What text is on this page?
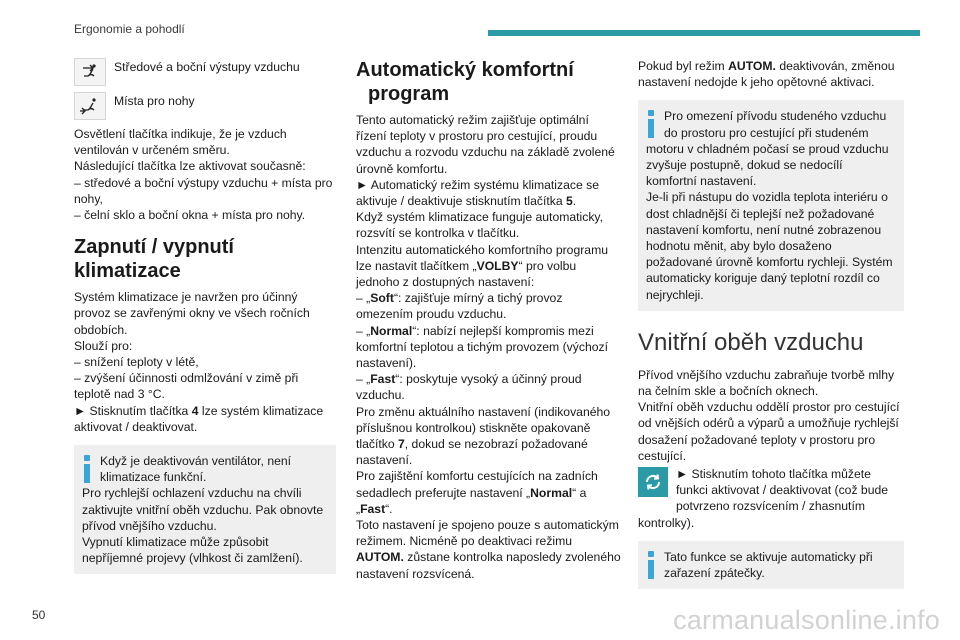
Ergonomie a pohodlí
Středové a boční výstupy vzduchu
Místa pro nohy

Osvětlení tlačítka indikuje, že je vzduch ventilován v určeném směru.

Následující tlačítka lze aktivovat současně:

– středové a boční výstupy vzduchu + místa pro nohy,

– čelní sklo a boční okna + místa pro nohy.

Zapnutí / vypnutí klimatizace

Systém klimatizace je navržen pro účinný provoz se zavřenými okny ve všech ročních obdobích.

Slouží pro:

– snížení teploty v létě,

– zvýšení účinnosti odmlžování v zimě při teplotě nad 3 °C.

► Stisknutím tlačítka 4 lze systém klimatizace aktivovat / deaktivovat.

Když je deaktivován ventilátor, není klimatizace funkční.

Pro rychlejší ochlazení vzduchu na chvíli zaktivujte vnitřní oběh vzduchu. Pak obnovte přívod vnějšího vzduchu.

Vypnutí klimatizace může způsobit nepříjemné projevy (vlhkost či zamlžení).

Automatický komfortní
program

Tento automatický režim zajišťuje optimální řízení teploty v prostoru pro cestující, proudu vzduchu a rozvodu vzduchu na základě zvolené úrovně komfortu.

► Automatický režim systému klimatizace se aktivuje / deaktivuje stisknutím tlačítka 5.

Když systém klimatizace funguje automaticky, rozsvítí se kontrolka v tlačítku.

Intenzitu automatického komfortního programu lze nastavit tlačítkem „VOLBY“ pro volbu jednoho z dostupných nastavení:

– „Soft“: zajišťuje mírný a tichý provoz omezením proudu vzduchu.

– „Normal“: nabízí nejlepší kompromis mezi komfortní teplotou a tichým provozem (výchozí nastavení).

– „Fast“: poskytuje vysoký a účinný proud vzduchu.

Pro změnu aktuálního nastavení (indikovaného příslušnou kontrolkou) stiskněte opakovaně tlačítko 7, dokud se nezobrazí požadované nastavení.

Pro zajištění komfortu cestujících na zadních sedadlech preferujte nastavení „Normal“ a „Fast“.

Toto nastavení je spojeno pouze s automatickým režimem. Nicméně po deaktivaci režimu AUTOM. zůstane kontrolka naposledy zvoleného nastavení rozsvícená.

Pokud byl režim AUTOM. deaktivován, změnou nastavení nedojde k jeho opětovné aktivaci.

Pro omezení přívodu studeného vzduchu do prostoru pro cestující při studeném motoru v chladném počasí se proud vzduchu zvyšuje postupně, dokud se nedocílí komfortní nastavení.

Je-li při nástupu do vozidla teplota interiéru o dost chladnější či teplejší než požadované nastavení komfortu, není nutné zobrazenou hodnotu měnit, aby bylo dosaženo požadované úrovně komfortu rychleji. Systém automaticky koriguje daný teplotní rozdíl co nejrychleji.

Vnitřní oběh vzduchu

Přívod vnějšího vzduchu zabraňuje tvorbě mlhy na čelním skle a bočních oknech.

Vnitřní oběh vzduchu oddělí prostor pro cestující od vnějších odérů a výparů a umožňuje rychlejší dosažení požadované teploty v prostoru pro cestující.

► Stisknutím tohoto tlačítka můžete funkci aktivovat / deaktivovat (což bude potvrzeno rozsvícením / zhasnutím kontrolky).

Tato funkce se aktivuje automaticky při zařazení zpátečky.

50	carmanualsonline.info
